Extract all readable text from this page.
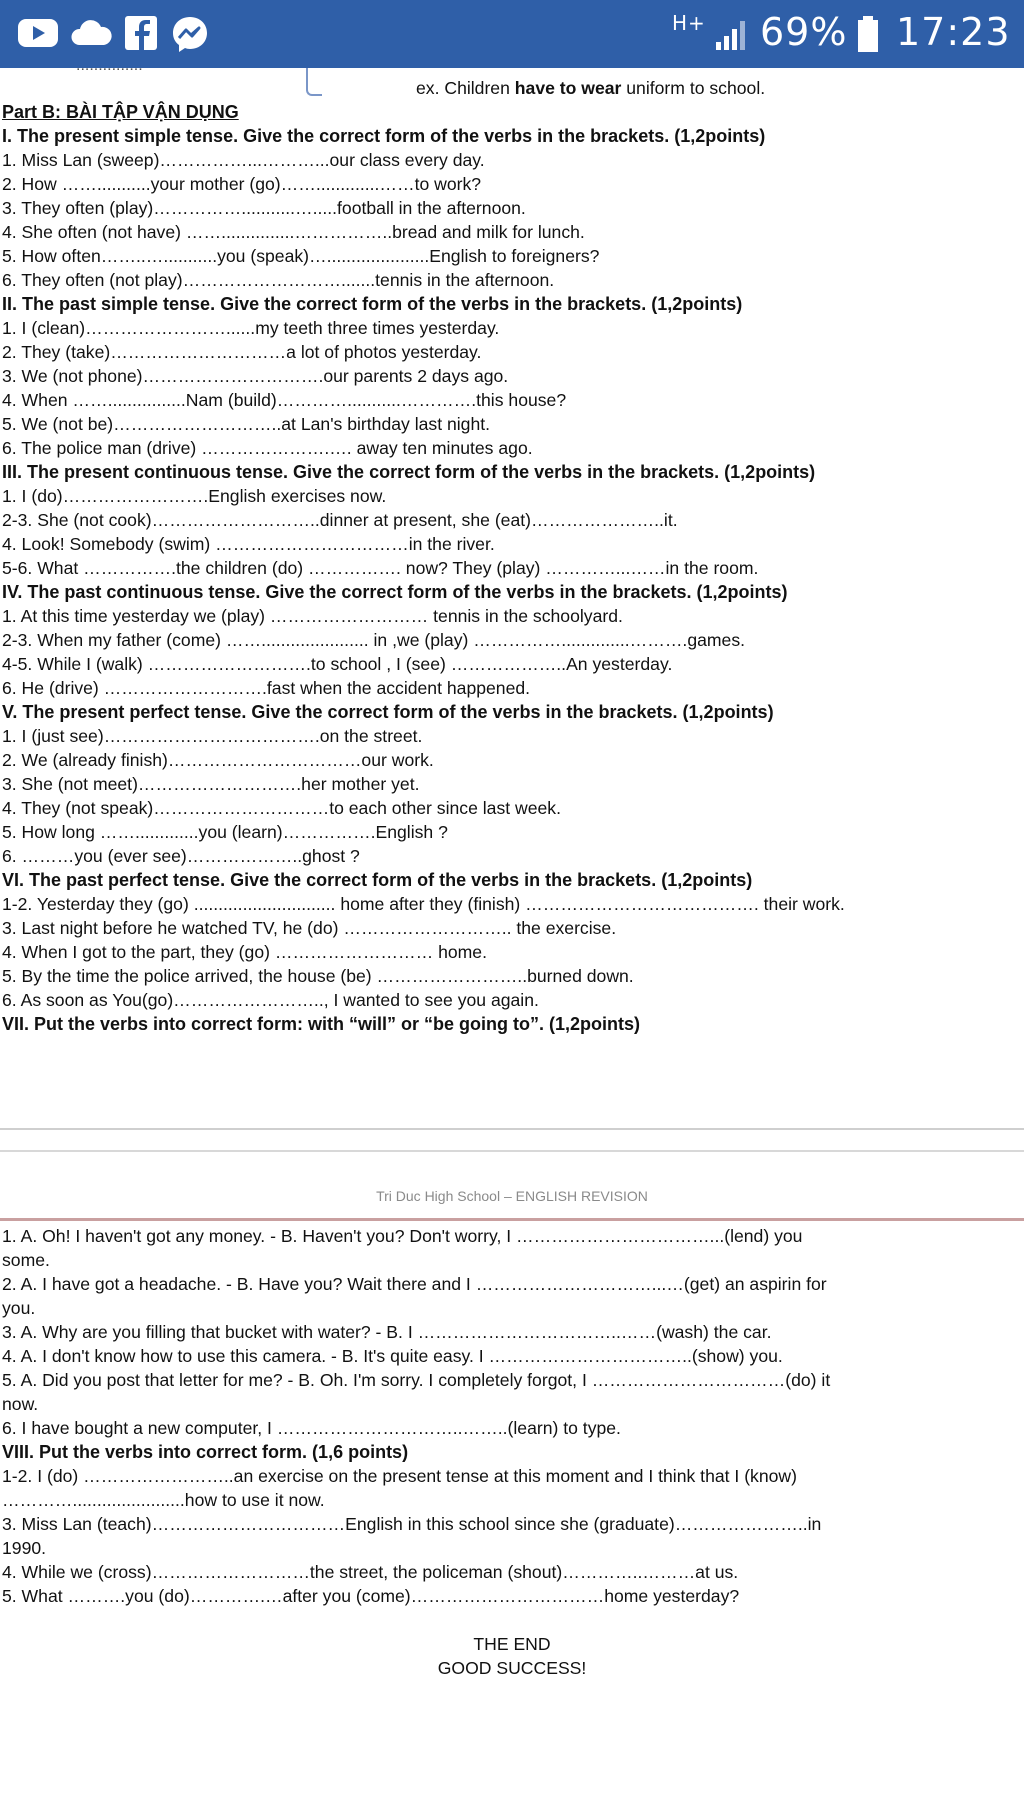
H+ 69% 17:23
...............
ex. Children have to wear uniform to school.
Part B: BÀI TẬP VẬN DỤNG
I. The present simple tense. Give the correct form of the verbs in the brackets. (1,2points)
1. Miss Lan (sweep)……………...………...our class every day.
2. How ……...........your mother (go)…….............……to work?
3. They often (play)……………...........….....football in the afternoon.
4. She often (not have) ……...............……………..bread and milk for lunch.
5. How often……..…...........you (speak)….....................English to foreigners?
6. They often (not play)……………………….......tennis in the afternoon.
II. The past simple tense. Give the correct form of the verbs in the brackets. (1,2points)
1. I (clean)……………………......my teeth three times yesterday.
2. They (take)…………………………a lot of photos yesterday.
3. We (not phone)………………………….our parents 2 days ago.
4. When ……................Nam (build)…………...........………….this house?
5. We (not be)………………………..at Lan's birthday last night.
6. The police man (drive) ………………….…. away ten minutes ago.
III. The present continuous tense. Give the correct form of the verbs in the brackets. (1,2points)
1. I (do)…………………….English exercises now.
2-3. She (not cook)………………………..dinner at present, she (eat)…………………..it.
4. Look! Somebody (swim) ……………………………in the river.
5-6. What …………….the children (do) ……………. now? They (play) …………...……in the room.
IV. The past continuous tense. Give the correct form of the verbs in the brackets. (1,2points)
1. At this time yesterday we (play) ……………………… tennis in the schoolyard.
2-3. When my father (come) ……...................... in ,we (play) ……………..............……….games.
4-5. While I (walk) ……………………….to school , I (see) ………………..An yesterday.
6. He (drive) ……………………….fast when the accident happened.
V. The present perfect tense. Give the correct form of the verbs in the brackets. (1,2points)
1. I (just see)……………………………….on the street.
2. We (already finish)……………………………our work.
3. She (not meet)……………………….her mother yet.
4. They (not speak)…………………………to each other since last week.
5. How long …….............you (learn)…………….English ?
6. ………you (ever see)………………..ghost ?
VI. The past perfect tense. Give the correct form of the verbs in the brackets. (1,2points)
1-2. Yesterday they (go) ............................. home after they (finish) …………………………………. their work.
3. Last night before he watched TV, he (do) ……………………….. the exercise.
4. When I got to the part, they (go) ……………………… home.
5. By the time the police arrived, the house (be) ……………………..burned down.
6. As soon as You(go)…………………….., I wanted to see you again.
VII. Put the verbs into correct form: with “will” or “be going to”. (1,2points)
Tri Duc High School – ENGLISH REVISION
1. A. Oh! I haven't got any money. - B. Haven't you? Don't worry, I ……………………………...(lend) you
some.
2. A. I have got a headache. - B. Have you? Wait there and I …………………………...…(get) an aspirin for
you.
3. A. Why are you filling that bucket with water? - B. I ……………………………..……(wash) the car.
4. A. I don't know how to use this camera. - B. It's quite easy. I ……………………………..(show) you.
5. A. Did you post that letter for me? - B. Oh. I'm sorry. I completely forgot, I ……………………………(do) it
now.
6. I have bought a new computer, I …………………………..……..(learn) to type.
VIII. Put the verbs into correct form. (1,6 points)
1-2. I (do) ……………………..an exercise on the present tense at this moment and I think that I (know)
………….......................how to use it now.
3. Miss Lan (teach)……………………………English in this school since she (graduate)…………………..in
1990.
4. While we (cross)………………………the street, the policeman (shout)…………..………at us.
5. What ……….you (do)………….…after you (come)……………………………home yesterday?
THE END
GOOD SUCCESS!
